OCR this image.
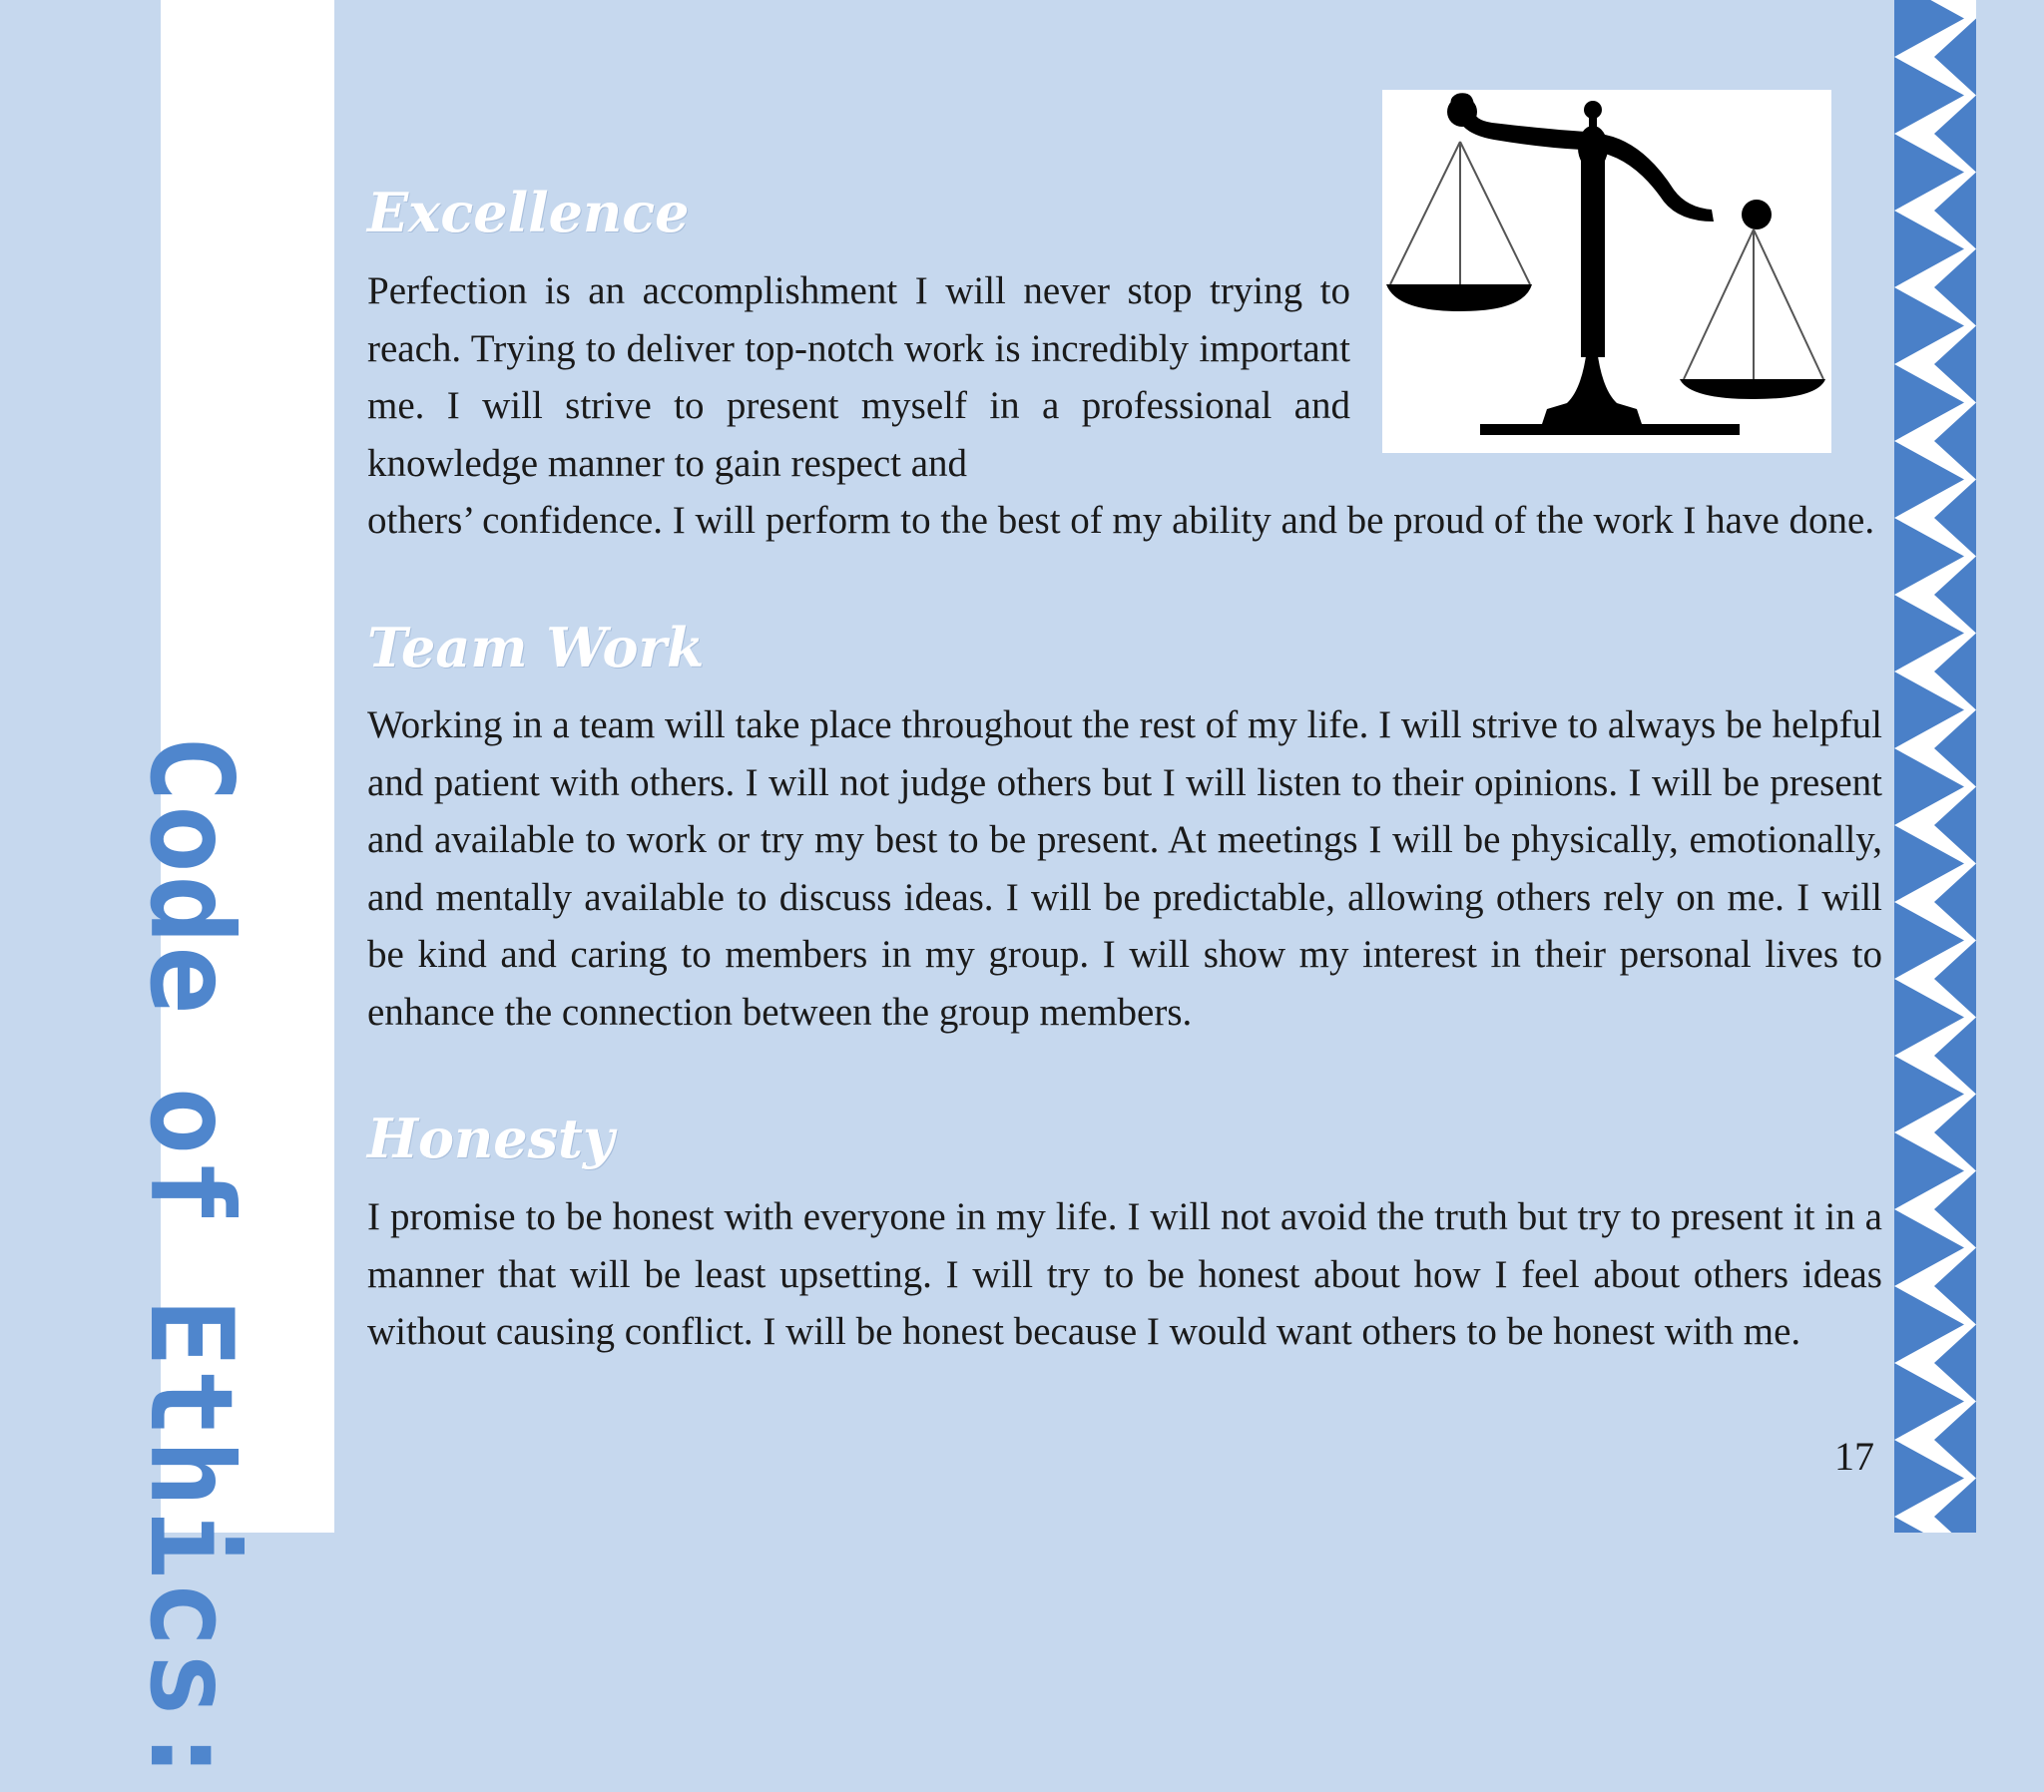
Code of Ethics:
Excellence
Perfection is an accomplishment I will never stop trying to reach. Trying to deliver top-notch work is incredibly important me. I will strive to present myself in a professional and knowledge manner to gain respect and
others’ confidence. I will perform to the best of my ability and be proud of the work I have done.
Team Work
Working in a team will take place throughout the rest of my life. I will strive to always be helpful and patient with others. I will not judge others but I will listen to their opinions. I will be present and available to work or try my best to be present. At meetings I will be physically, emotionally, and mentally available to discuss ideas. I will be predictable, allowing others rely on me. I will be kind and caring to members in my group. I will show my interest in their personal lives to enhance the connection between the group members.
Honesty
I promise to be honest with everyone in my life. I will not avoid the truth but try to present it in a manner that will be least upsetting. I will try to be honest about how I feel about others ideas without causing conflict. I will be honest because I would want others to be honest with me.
17
